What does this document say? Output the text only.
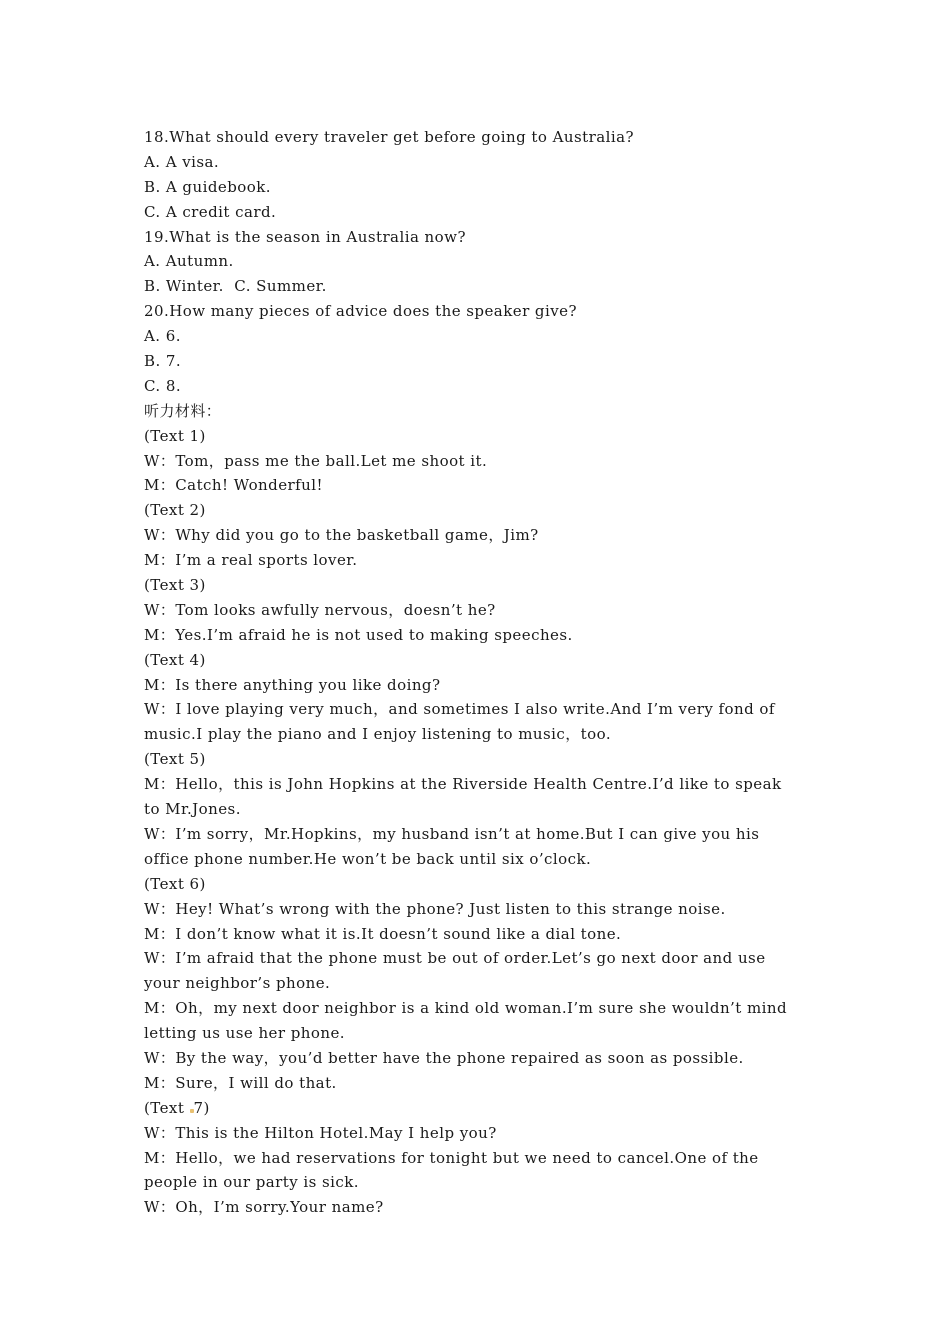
18.What should every traveler get before going to Australia?
A. A visa.
B. A guidebook.
C. A credit card.
19.What is the season in Australia now?
A. Autumn.
B. Winter.  C. Summer.
20.How many pieces of advice does the speaker give?
A. 6.
B. 7.
C. 8.
听力材料：
(Text 1)
W：Tom，pass me the ball.Let me shoot it.
M：Catch! Wonderful!
(Text 2)
W：Why did you go to the basketball game，Jim?
M：I’m a real sports lover.
(Text 3)
W：Tom looks awfully nervous，doesn’t he?
M：Yes.I’m afraid he is not used to making speeches.
(Text 4)
M：Is there anything you like doing?
W：I love playing very much，and sometimes I also write.And I’m very fond of
music.I play the piano and I enjoy listening to music，too.
(Text 5)
M：Hello，this is John Hopkins at the Riverside Health Centre.I’d like to speak
to Mr.Jones.
W：I’m sorry，Mr.Hopkins，my husband isn’t at home.But I can give you his
office phone number.He won’t be back until six o’clock.
(Text 6)
W：Hey! What’s wrong with the phone? Just listen to this strange noise.
M：I don’t know what it is.It doesn’t sound like a dial tone.
W：I’m afraid that the phone must be out of order.Let’s go next door and use
your neighbor’s phone.
M：Oh，my next door neighbor is a kind old woman.I’m sure she wouldn’t mind
letting us use her phone.
W：By the way，you’d better have the phone repaired as soon as possible.
M：Sure，I will do that.
(Text 7)
W：This is the Hilton Hotel.May I help you?
M：Hello，we had reservations for tonight but we need to cancel.One of the
people in our party is sick.
W：Oh，I’m sorry.Your name?
